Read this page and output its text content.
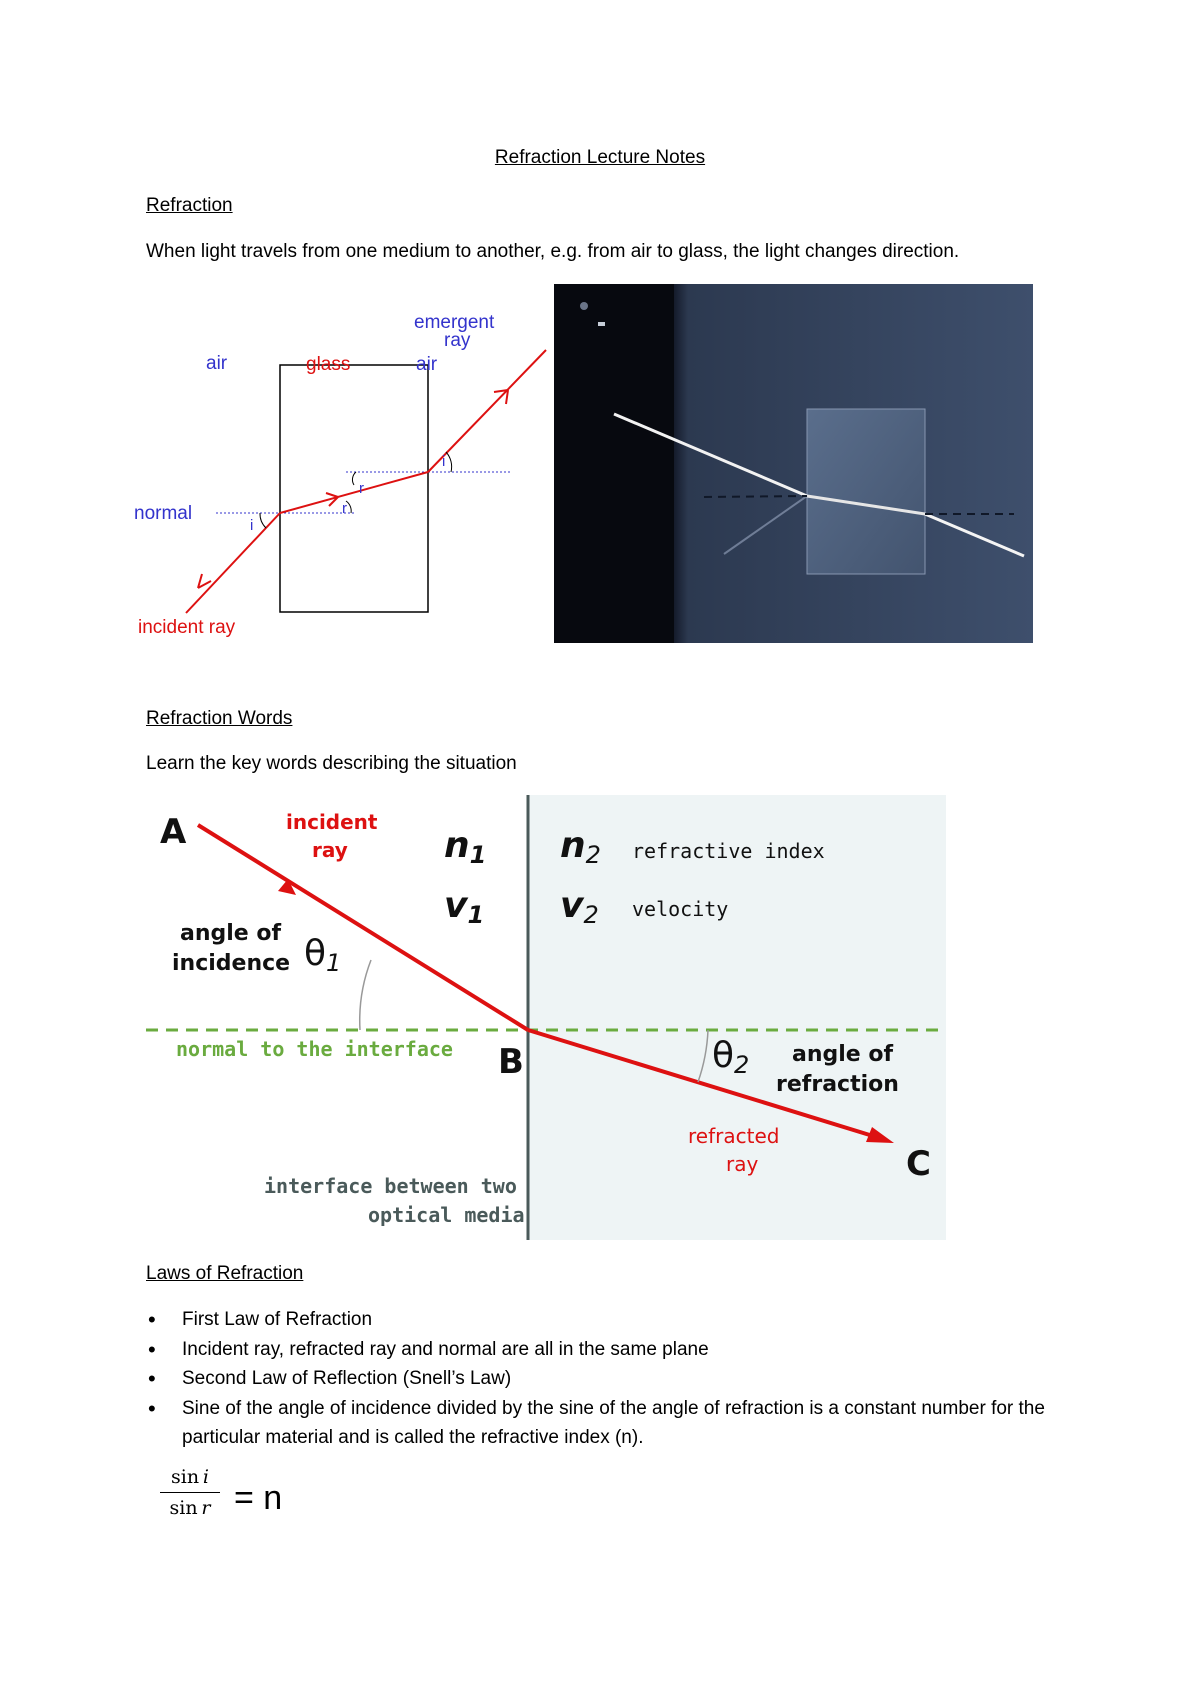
Refraction Lecture Notes
Refraction
When light travels from one medium to another, e.g. from air to glass, the light changes direction.
air	glass	air
emergent
ray
normal
incident ray
i
r
r
i
Refraction Words
Learn the key words describing the situation
A
B
C
incident
ray	n1
v1
n2
v2
refractive index
velocity
angle of
incidence θ1
normal to the interface	θ2 angle of
refraction
refracted
ray
interface between two
optical media
Laws of Refraction
• First Law of Refraction
• Incident ray, refracted ray and normal are all in the same plane
• Second Law of Reflection (Snell’s Law)
• Sine of the angle of incidence divided by the sine of the angle of refraction is a constant number for the particular material and is called the refractive index (n).
$\frac{\text{sin  i}}{\text{sin  r}} = n$
